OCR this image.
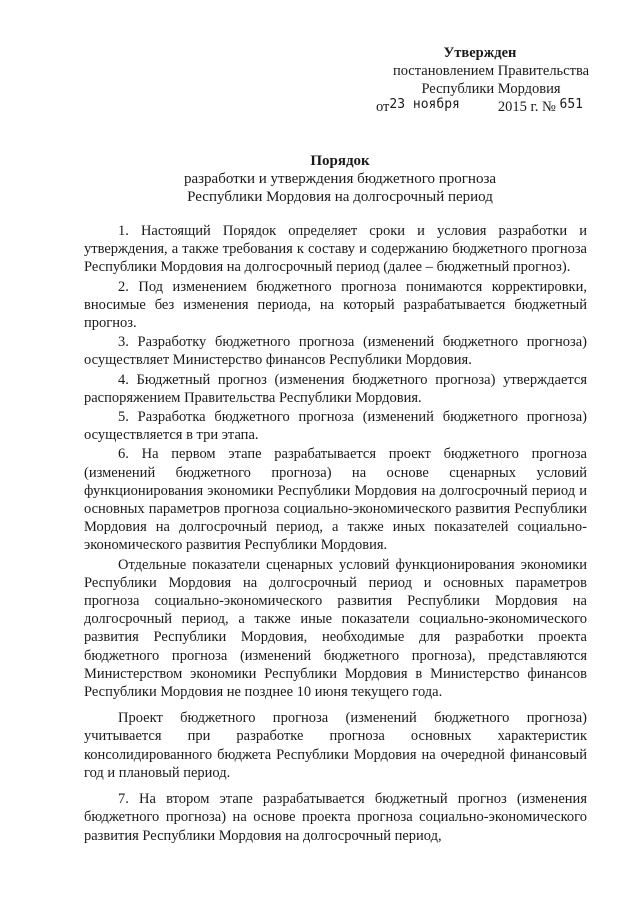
Утвержден
постановлением Правительства
Республики Мордовия
от23 ноября	2015 г. № 651
Порядок
разработки и утверждения бюджетного прогноза
Республики Мордовия на долгосрочный период

1. Настоящий Порядок определяет сроки и условия разработки и утверждения, а также требования к составу и содержанию бюджетного прогноза Республики Мордовия на долгосрочный период (далее – бюджетный прогноз).

2. Под изменением бюджетного прогноза понимаются корректировки, вносимые без изменения периода, на который разрабатывается бюджетный прогноз.

3. Разработку бюджетного прогноза (изменений бюджетного прогноза) осуществляет Министерство финансов Республики Мордовия.

4. Бюджетный прогноз (изменения бюджетного прогноза) утверждается распоряжением Правительства Республики Мордовия.

5. Разработка бюджетного прогноза (изменений бюджетного прогноза) осуществляется в три этапа.

6. На первом этапе разрабатывается проект бюджетного прогноза (изменений бюджетного прогноза) на основе сценарных условий функционирования экономики Республики Мордовия на долгосрочный период и основных параметров прогноза социально-экономического развития Республики Мордовия на долгосрочный период, а также иных показателей социально-экономического развития Республики Мордовия.

Отдельные показатели сценарных условий функционирования экономики Республики Мордовия на долгосрочный период и основных параметров прогноза социально-экономического развития Республики Мордовия на долгосрочный период, а также иные показатели социально-экономического развития Республики Мордовия, необходимые для разработки проекта бюджетного прогноза (изменений бюджетного прогноза), представляются Министерством экономики Республики Мордовия в Министерство финансов Республики Мордовия не позднее 10 июня текущего года.

Проект бюджетного прогноза (изменений бюджетного прогноза) учитывается при разработке прогноза основных характеристик консолидированного бюджета Республики Мордовия на очередной финансовый год и плановый период.

7. На втором этапе разрабатывается бюджетный прогноз (изменения бюджетного прогноза) на основе проекта прогноза социально-экономического развития Республики Мордовия на долгосрочный период,
